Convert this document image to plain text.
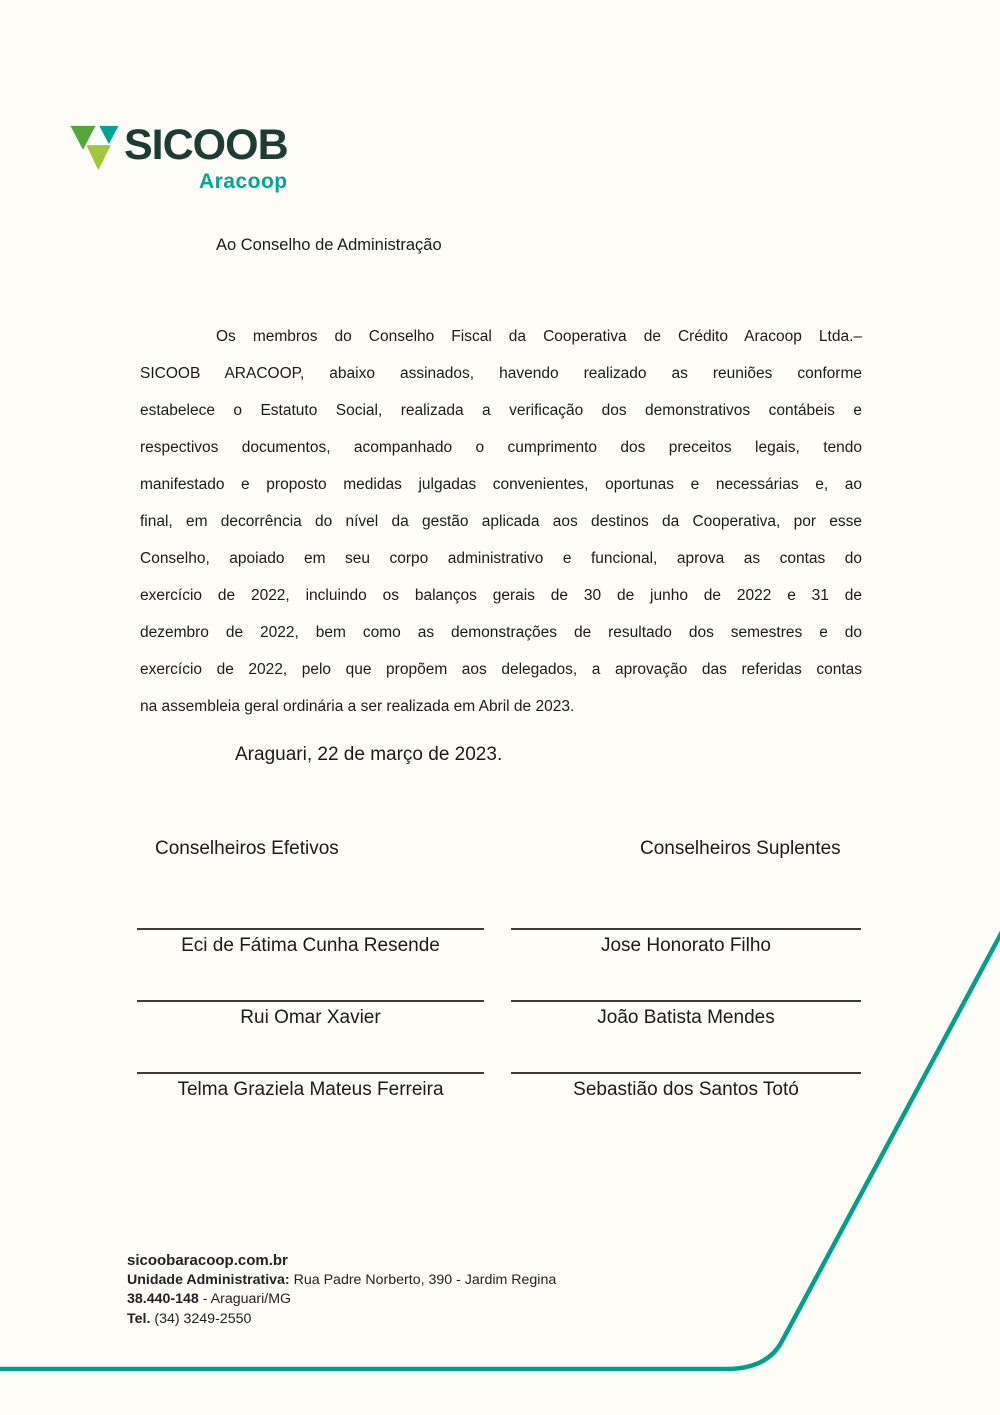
SICOOB
Aracoop
Ao Conselho de Administração
Os membros do Conselho Fiscal da Cooperativa de Crédito Aracoop Ltda.–
SICOOB ARACOOP, abaixo assinados, havendo realizado as reuniões conforme
estabelece o Estatuto Social, realizada a verificação dos demonstrativos contábeis e
respectivos documentos, acompanhado o cumprimento dos preceitos legais, tendo
manifestado e proposto medidas julgadas convenientes, oportunas e necessárias e, ao
final, em decorrência do nível da gestão aplicada aos destinos da Cooperativa, por esse
Conselho, apoiado em seu corpo administrativo e funcional, aprova as contas do
exercício de 2022, incluindo os balanços gerais de 30 de junho de 2022 e 31 de
dezembro de 2022, bem como as demonstrações de resultado dos semestres e do
exercício de 2022, pelo que propõem aos delegados, a aprovação das referidas contas
na assembleia geral ordinária a ser realizada em Abril de 2023.
Araguari, 22 de março de 2023.
Conselheiros Efetivos	Conselheiros Suplentes
Eci de Fátima Cunha Resende	Jose Honorato Filho
Rui Omar Xavier	João Batista Mendes
Telma Graziela Mateus Ferreira	Sebastião dos Santos Totó
sicoobaracoop.com.br
Unidade Administrativa: Rua Padre Norberto, 390 - Jardim Regina
38.440-148 - Araguari/MG
Tel. (34) 3249-2550
